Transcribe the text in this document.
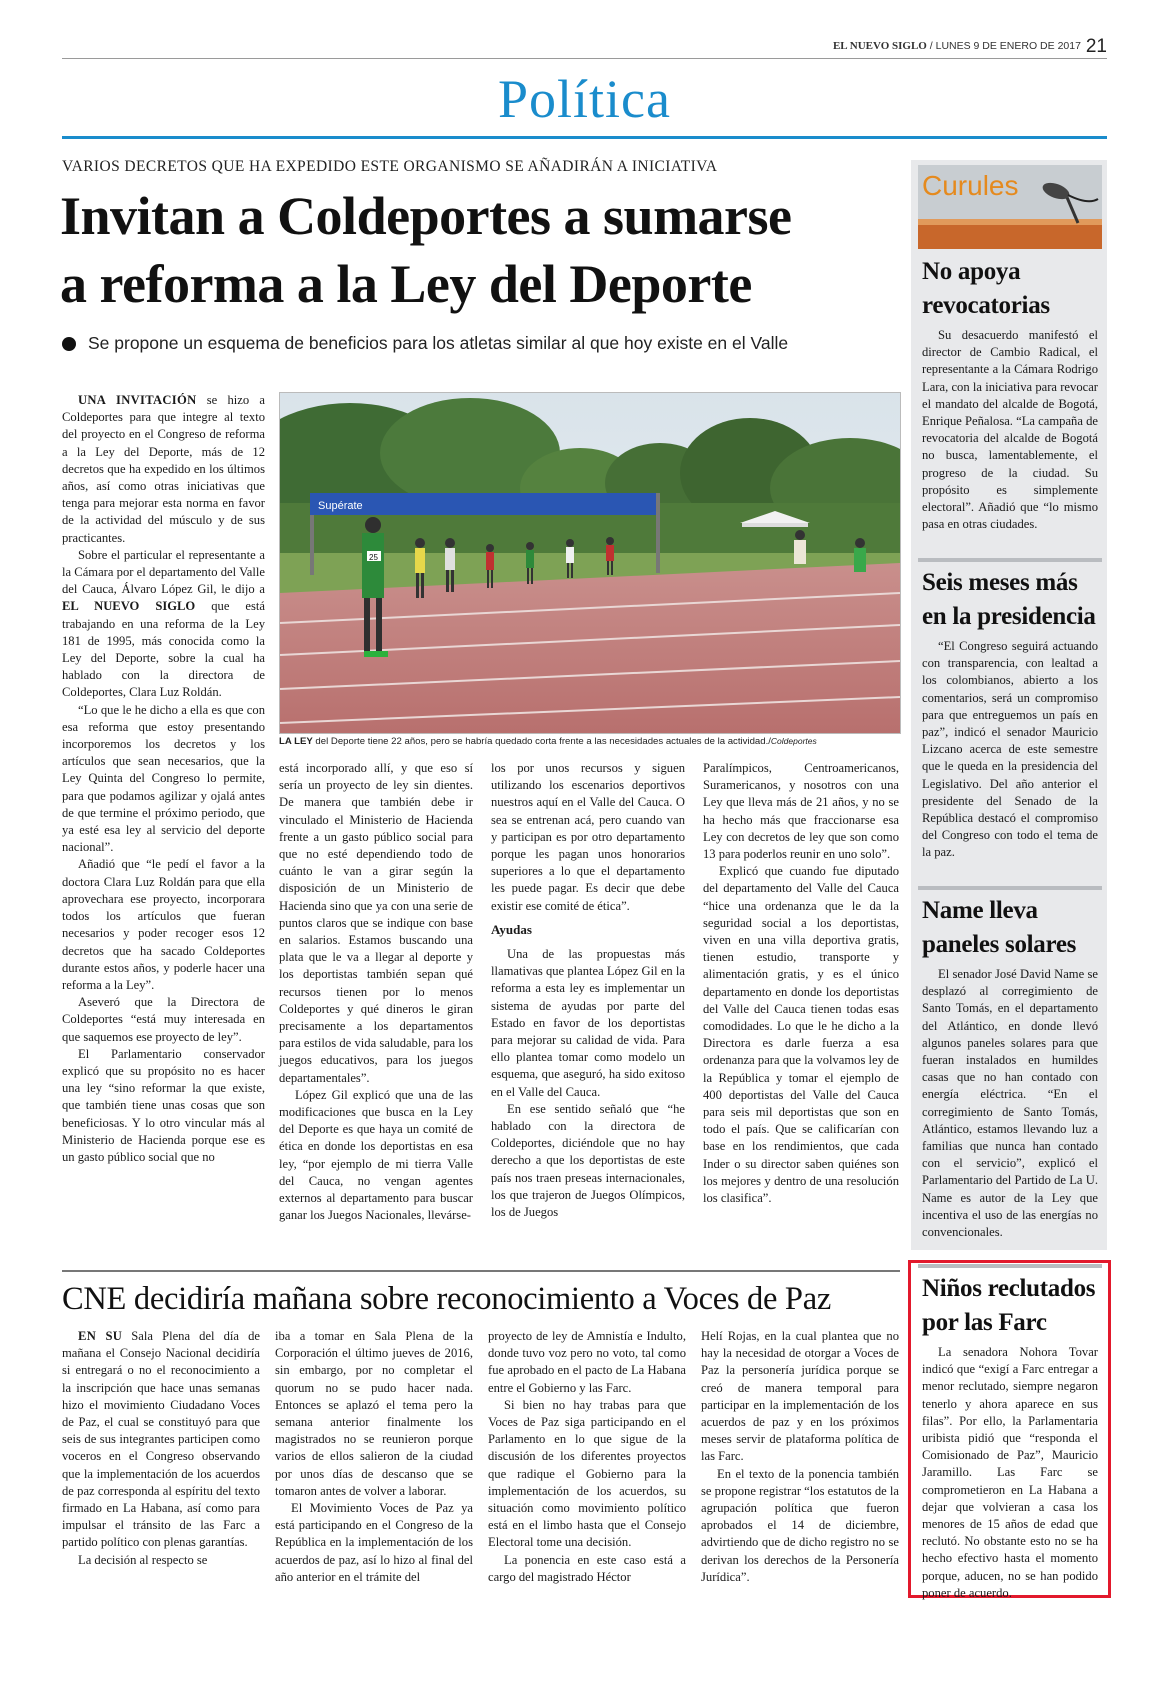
EL NUEVO SIGLO / LUNES 9 DE ENERO DE 2017 21
Política
VARIOS DECRETOS QUE HA EXPEDIDO ESTE ORGANISMO SE AÑADIRÁN A INICIATIVA
Invitan a Coldeportes a sumarse
a reforma a la Ley del Deporte
Se propone un esquema de beneficios para los atletas similar al que hoy existe en el Valle

UNA INVITACIÓN se hizo a Coldeportes para que integre al texto del proyecto en el Congreso de reforma a la Ley del Deporte, más de 12 decretos que ha expedido en los últimos años, así como otras iniciativas que tenga para mejorar esta norma en favor de la actividad del músculo y de sus practicantes.

Sobre el particular el representante a la Cámara por el departamento del Valle del Cauca, Álvaro López Gil, le dijo a EL NUEVO SIGLO que está trabajando en una reforma de la Ley 181 de 1995, más conocida como la Ley del Deporte, sobre la cual ha hablado con la directora de Coldeportes, Clara Luz Roldán.

“Lo que le he dicho a ella es que con esa reforma que estoy presentando incorporemos los decretos y los artículos que sean necesarios, que la Ley Quinta del Congreso lo permite, para que podamos agilizar y ojalá antes de que termine el próximo periodo, que ya esté esa ley al servicio del deporte nacional”.

Añadió que “le pedí el favor a la doctora Clara Luz Roldán para que ella aprovechara ese proyecto, incorporara todos los artículos que fueran necesarios y poder recoger esos 12 decretos que ha sacado Coldeportes durante estos años, y poderle hacer una reforma a la Ley”.

Aseveró que la Directora de Coldeportes “está muy interesada en que saquemos ese proyecto de ley”.

El Parlamentario conservador explicó que su propósito no es hacer una ley “sino reformar la que existe, que también tiene unas cosas que son beneficiosas. Y lo otro vincular más al Ministerio de Hacienda porque ese es un gasto público social que no

Supérate
25
LA LEY del Deporte tiene 22 años, pero se habría quedado corta frente a las necesidades actuales de la actividad./Coldeportes

está incorporado allí, y que eso sí sería un proyecto de ley sin dientes. De manera que también debe ir vinculado el Ministerio de Hacienda frente a un gasto público social para que no esté dependiendo todo de cuánto le van a girar según la disposición de un Ministerio de Hacienda sino que ya con una serie de puntos claros que se indique con base en salarios. Estamos buscando una plata que le va a llegar al deporte y los deportistas también sepan qué recursos tienen por lo menos Coldeportes y qué dineros le giran precisamente a los departamentos para estilos de vida saludable, para los juegos educativos, para los juegos departamentales”.

López Gil explicó que una de las modificaciones que busca en la Ley del Deporte es que haya un comité de ética en donde los deportistas en esa ley, “por ejemplo de mi tierra Valle del Cauca, no vengan agentes externos al departamento para buscar ganar los Juegos Nacionales, llevárse-

los por unos recursos y siguen utilizando los escenarios deportivos nuestros aquí en el Valle del Cauca. O sea se entrenan acá, pero cuando van y participan es por otro departamento porque les pagan unos honorarios superiores a lo que el departamento les puede pagar. Es decir que debe existir ese comité de ética”.

Ayudas

Una de las propuestas más llamativas que plantea López Gil en la reforma a esta ley es implementar un sistema de ayudas por parte del Estado en favor de los deportistas para mejorar su calidad de vida. Para ello plantea tomar como modelo un esquema, que aseguró, ha sido exitoso en el Valle del Cauca.

En ese sentido señaló que “he hablado con la directora de Coldeportes, diciéndole que no hay derecho a que los deportistas de este país nos traen preseas internacionales, los que trajeron de Juegos Olímpicos, los de Juegos

Paralímpicos, Centroamericanos, Suramericanos, y nosotros con una Ley que lleva más de 21 años, y no se ha hecho más que fraccionarse esa Ley con decretos de ley que son como 13 para poderlos reunir en uno solo”.

Explicó que cuando fue diputado del departamento del Valle del Cauca “hice una ordenanza que le da la seguridad social a los deportistas, viven en una villa deportiva gratis, tienen estudio, transporte y alimentación gratis, y es el único departamento en donde los deportistas del Valle del Cauca tienen todas esas comodidades. Lo que le he dicho a la Directora es darle fuerza a esa ordenanza para que la volvamos ley de la República y tomar el ejemplo de 400 deportistas del Valle del Cauca para seis mil deportistas que son en todo el país. Que se calificarían con base en los rendimientos, que cada Inder o su director saben quiénes son los mejores y dentro de una resolución los clasifica”.

Curules
No apoya revocatorias
Su desacuerdo manifestó el director de Cambio Radical, el representante a la Cámara Rodrigo Lara, con la iniciativa para revocar el mandato del alcalde de Bogotá, Enrique Peñalosa. “La campaña de revocatoria del alcalde de Bogotá no busca, lamentablemente, el progreso de la ciudad. Su propósito es simplemente electoral”. Añadió que “lo mismo pasa en otras ciudades.
Seis meses más en la presidencia
“El Congreso seguirá actuando con transparencia, con lealtad a los colombianos, abierto a los comentarios, será un compromiso para que entreguemos un país en paz”, indicó el senador Mauricio Lizcano acerca de este semestre que le queda en la presidencia del Legislativo. Del año anterior el presidente del Senado de la República destacó el compromiso del Congreso con todo el tema de la paz.
Name lleva paneles solares
El senador José David Name se desplazó al corregimiento de Santo Tomás, en el departamento del Atlántico, en donde llevó algunos paneles solares para que fueran instalados en humildes casas que no han contado con energía eléctrica. “En el corregimiento de Santo Tomás, Atlántico, estamos llevando luz a familias que nunca han contado con el servicio”, explicó el Parlamentario del Partido de La U. Name es autor de la Ley que incentiva el uso de las energías no convencionales.
Niños reclutados por las Farc
La senadora Nohora Tovar indicó que “exigí a Farc entregar a menor reclutado, siempre negaron tenerlo y ahora aparece en sus filas”. Por ello, la Parlamentaria uribista pidió que “responda el Comisionado de Paz”, Mauricio Jaramillo. Las Farc se comprometieron en La Habana a dejar que volvieran a casa los menores de 15 años de edad que reclutó. No obstante esto no se ha hecho efectivo hasta el momento porque, aducen, no se han podido poner de acuerdo.
CNE decidiría mañana sobre reconocimiento a Voces de Paz

EN SU Sala Plena del día de mañana el Consejo Nacional decidiría si entregará o no el reconocimiento a la inscripción que hace unas semanas hizo el movimiento Ciudadano Voces de Paz, el cual se constituyó para que seis de sus integrantes participen como voceros en el Congreso observando que la implementación de los acuerdos de paz corresponda al espíritu del texto firmado en La Habana, así como para impulsar el tránsito de las Farc a partido político con plenas garantías.

La decisión al respecto se

iba a tomar en Sala Plena de la Corporación el último jueves de 2016, sin embargo, por no completar el quorum no se pudo hacer nada. Entonces se aplazó el tema pero la semana anterior finalmente los magistrados no se reunieron porque varios de ellos salieron de la ciudad por unos días de descanso que se tomaron antes de volver a laborar.

El Movimiento Voces de Paz ya está participando en el Congreso de la República en la implementación de los acuerdos de paz, así lo hizo al final del año anterior en el trámite del

proyecto de ley de Amnistía e Indulto, donde tuvo voz pero no voto, tal como fue aprobado en el pacto de La Habana entre el Gobierno y las Farc.

Si bien no hay trabas para que Voces de Paz siga participando en el Parlamento en lo que sigue de la discusión de los diferentes proyectos que radique el Gobierno para la implementación de los acuerdos, su situación como movimiento político está en el limbo hasta que el Consejo Electoral tome una decisión.

La ponencia en este caso está a cargo del magistrado Héctor

Helí Rojas, en la cual plantea que no hay la necesidad de otorgar a Voces de Paz la personería jurídica porque se creó de manera temporal para participar en la implementación de los acuerdos de paz y en los próximos meses servir de plataforma política de las Farc.

En el texto de la ponencia también se propone registrar “los estatutos de la agrupación política que fueron aprobados el 14 de diciembre, advirtiendo que de dicho registro no se derivan los derechos de la Personería Jurídica”.
